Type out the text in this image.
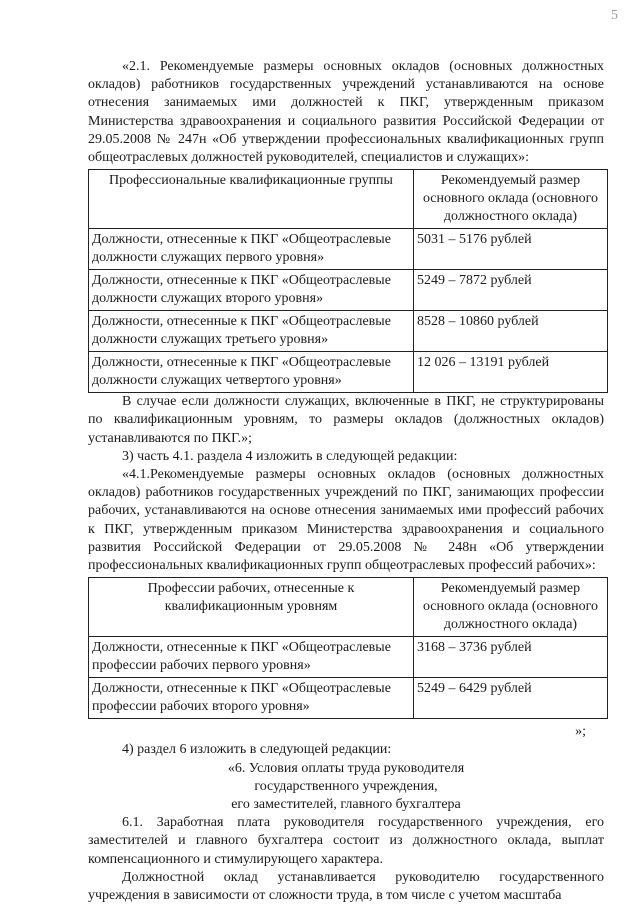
5

«2.1. Рекомендуемые размеры основных окладов (основных должностных окладов) работников государственных учреждений устанавливаются на основе отнесения занимаемых ими должностей к ПКГ, утвержденным приказом Министерства здравоохранения и социального развития Российской Федерации от 29.05.2008 № 247н «Об утверждении профессиональных квалификационных групп общеотраслевых должностей руководителей, специалистов и служащих»:

Профессиональные квалификационные группы	Рекомендуемый размер основного оклада (основного должностного оклада)
Должности, отнесенные к ПКГ «Общеотраслевые должности служащих первого уровня»	5031 – 5176 рублей
Должности, отнесенные к ПКГ «Общеотраслевые должности служащих второго уровня»	5249 – 7872 рублей
Должности, отнесенные к ПКГ «Общеотраслевые должности служащих третьего уровня»	8528 – 10860 рублей
Должности, отнесенные к ПКГ «Общеотраслевые должности служащих четвертого уровня»	12 026 – 13191 рублей

В случае если должности служащих, включенные в ПКГ, не структурированы по квалификационным уровням, то размеры окладов (должностных окладов) устанавливаются по ПКГ.»;

3) часть 4.1. раздела 4 изложить в следующей редакции:

«4.1.Рекомендуемые размеры основных окладов (основных должностных окладов) работников государственных учреждений по ПКГ, занимающих профессии рабочих, устанавливаются на основе отнесения занимаемых ими профессий рабочих к ПКГ, утвержденным приказом Министерства здравоохранения и социального развития Российской Федерации от 29.05.2008 № 248н «Об утверждении профессиональных квалификационных групп общеотраслевых профессий рабочих»:

Профессии рабочих, отнесенные к квалификационным уровням	Рекомендуемый размер основного оклада (основного должностного оклада)
Должности, отнесенные к ПКГ «Общеотраслевые профессии рабочих первого уровня»	3168 – 3736 рублей
Должности, отнесенные к ПКГ «Общеотраслевые профессии рабочих второго уровня»	5249 – 6429 рублей

»;

4) раздел 6 изложить в следующей редакции:

«6. Условия оплаты труда руководителя

государственного учреждения,

его заместителей, главного бухгалтера

6.1. Заработная плата руководителя государственного учреждения, его заместителей и главного бухгалтера состоит из должностного оклада, выплат компенсационного и стимулирующего характера.

Должностной оклад устанавливается руководителю государственного учреждения в зависимости от сложности труда, в том числе с учетом масштаба
